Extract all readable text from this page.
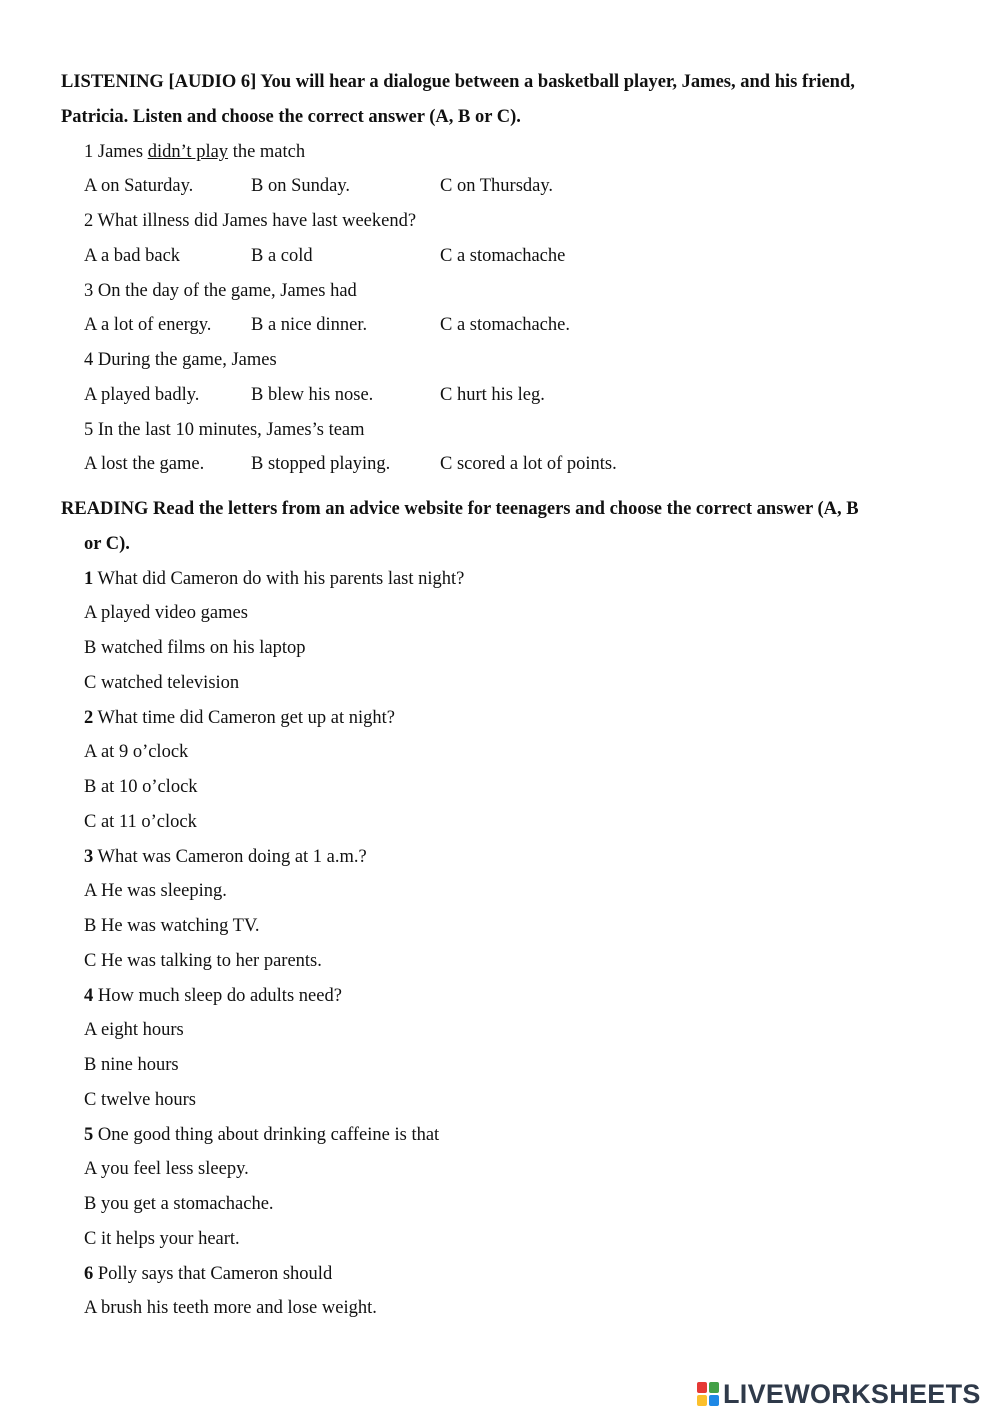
LISTENING [AUDIO 6] You will hear a dialogue between a basketball player, James, and his friend,
Patricia. Listen and choose the correct answer (A, B or C).
1 James didn’t play the match
A on Saturday.	B on Sunday.	C on Thursday.
2 What illness did James have last weekend?
A a bad back	B a cold	C a stomachache
3 On the day of the game, James had
A a lot of energy. B a nice dinner.	C a stomachache.
4 During the game, James
A played badly.	B blew his nose.	C hurt his leg.
5 In the last 10 minutes, James’s team
A lost the game.	B stopped playing.	C scored a lot of points.
READING Read the letters from an advice website for teenagers and choose the correct answer (A, B
or C).
1 What did Cameron do with his parents last night?
A played video games
B watched films on his laptop
C watched television
2 What time did Cameron get up at night?
A at 9 o’clock
B at 10 o’clock
C at 11 o’clock
3 What was Cameron doing at 1 a.m.?
A He was sleeping.
B He was watching TV.
C He was talking to her parents.
4 How much sleep do adults need?
A eight hours
B nine hours
C twelve hours
5 One good thing about drinking caffeine is that
A you feel less sleepy.
B you get a stomachache.
C it helps your heart.
6 Polly says that Cameron should
A brush his teeth more and lose weight.
LIVEWORKSHEETS
